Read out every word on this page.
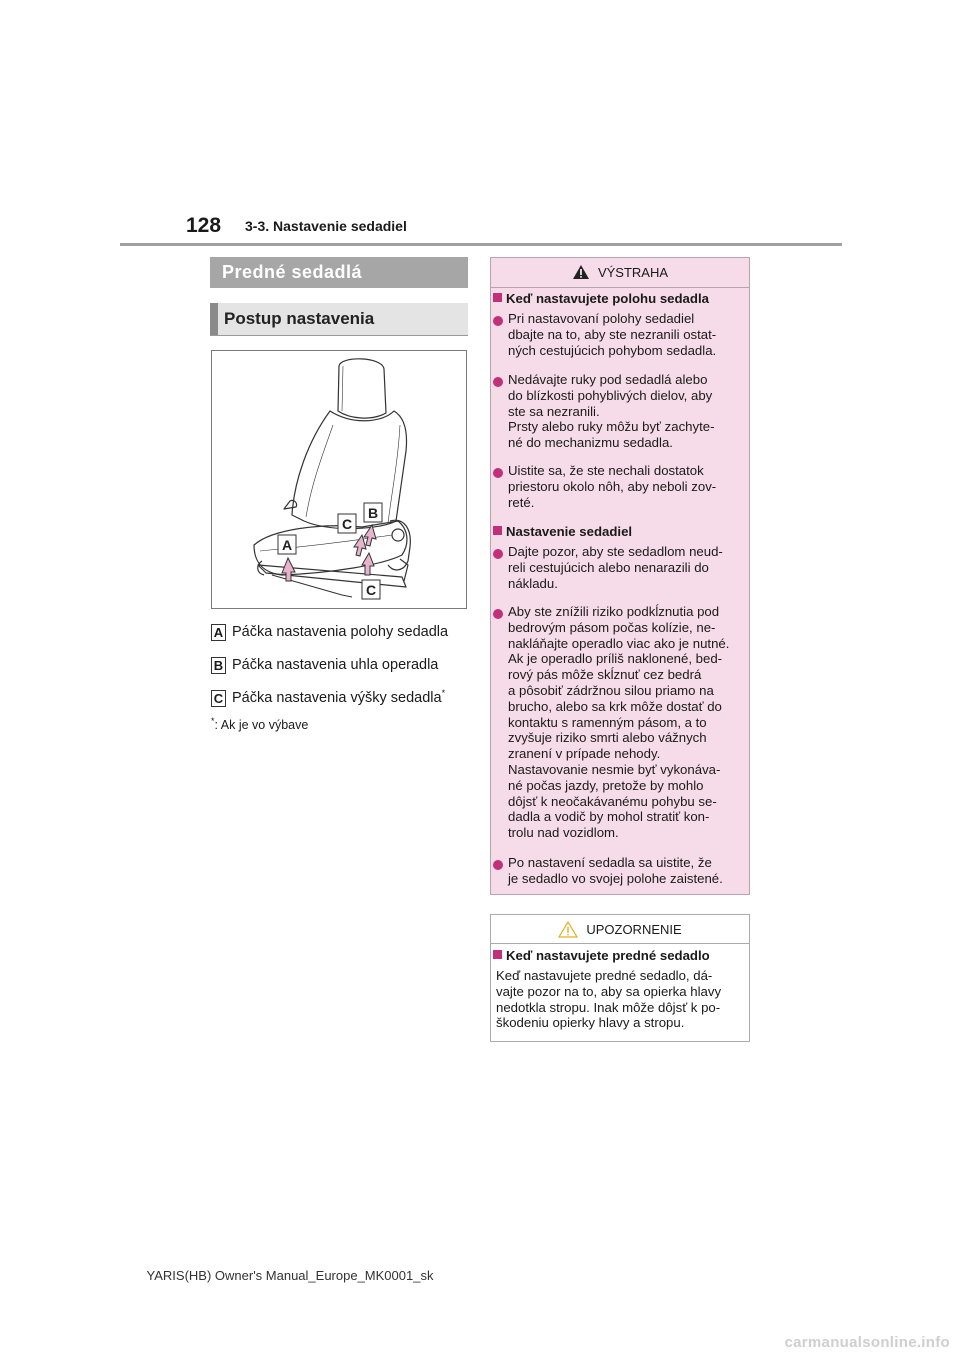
128 3-3. Nastavenie sedadiel
Predné sedadlá
Postup nastavenia
A
C
B
C
A Páčka nastavenia polohy sedadla
B Páčka nastavenia uhla operadla
C Páčka nastavenia výšky sedadla*
*: Ak je vo výbave
VÝSTRAHA
Keď nastavujete polohu sedadla
Pri nastavovaní polohy sedadiel
dbajte na to, aby ste nezranili ostat-
ných cestujúcich pohybom sedadla.
Nedávajte ruky pod sedadlá alebo
do blízkosti pohyblivých dielov, aby
ste sa nezranili.
Prsty alebo ruky môžu byť zachyte-
né do mechanizmu sedadla.
Uistite sa, že ste nechali dostatok
priestoru okolo nôh, aby neboli zov-
reté.
Nastavenie sedadiel
Dajte pozor, aby ste sedadlom neud-
reli cestujúcich alebo nenarazili do
nákladu.
Aby ste znížili riziko podkĺznutia pod
bedrovým pásom počas kolízie, ne-
nakláňajte operadlo viac ako je nutné.
Ak je operadlo príliš naklonené, bed-
rový pás môže skĺznuť cez bedrá
a pôsobiť zádržnou silou priamo na
brucho, alebo sa krk môže dostať do
kontaktu s ramenným pásom, a to
zvyšuje riziko smrti alebo vážnych
zranení v prípade nehody.
Nastavovanie nesmie byť vykonáva-
né počas jazdy, pretože by mohlo
dôjsť k neočakávanému pohybu se-
dadla a vodič by mohol stratiť kon-
trolu nad vozidlom.
Po nastavení sedadla sa uistite, že
je sedadlo vo svojej polohe zaistené.
UPOZORNENIE
Keď nastavujete predné sedadlo
Keď nastavujete predné sedadlo, dá-
vajte pozor na to, aby sa opierka hlavy
nedotkla stropu. Inak môže dôjsť k po-
škodeniu opierky hlavy a stropu.
YARIS(HB) Owner's Manual_Europe_MK0001_sk
carmanualsonline.info
